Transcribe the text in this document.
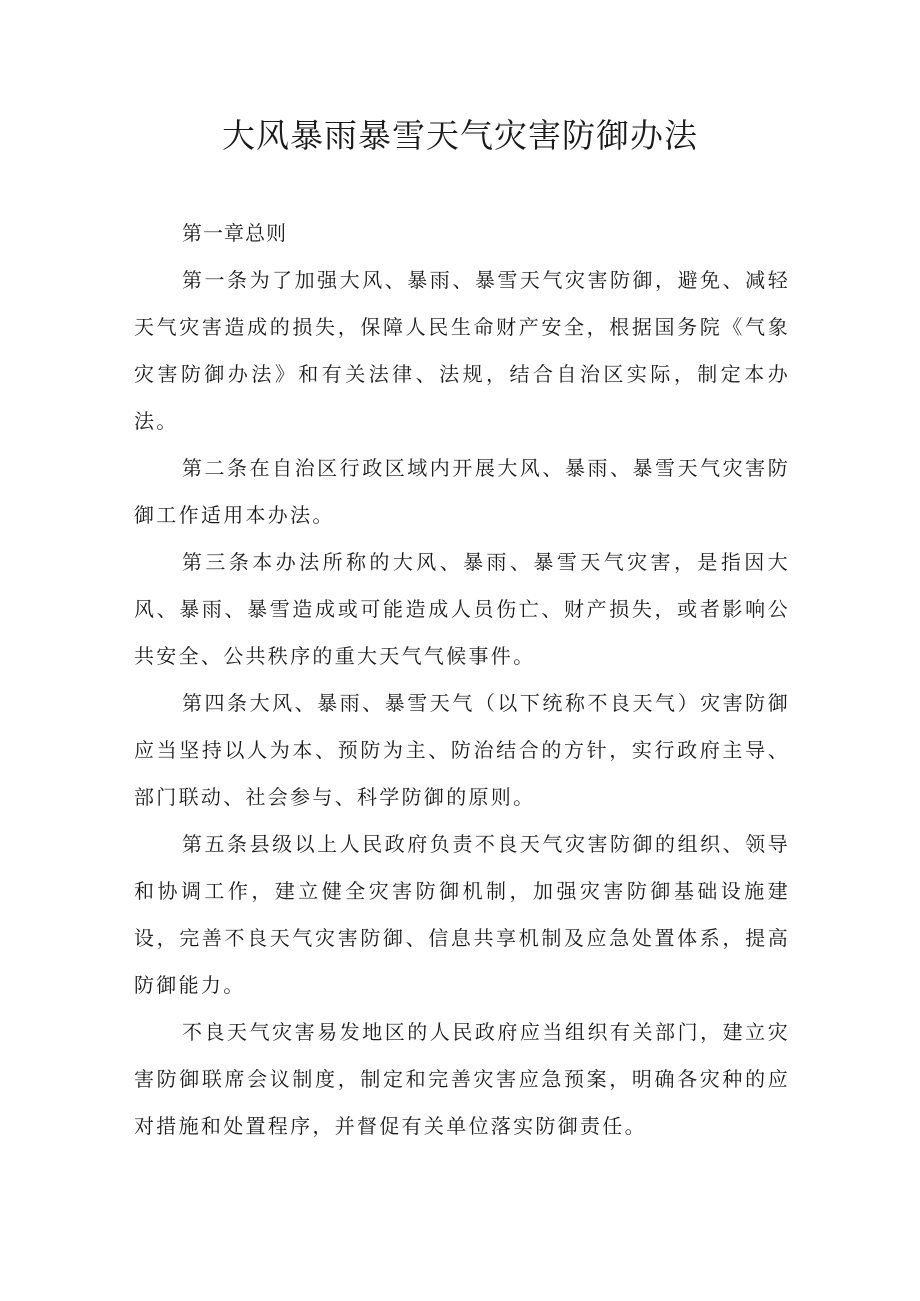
大风暴雨暴雪天气灾害防御办法

第一章总则

第一条为了加强大风、暴雨、暴雪天气灾害防御，避免、减轻天气灾害造成的损失，保障人民生命财产安全，根据国务院《气象灾害防御办法》和有关法律、法规，结合自治区实际，制定本办法。

第二条在自治区行政区域内开展大风、暴雨、暴雪天气灾害防御工作适用本办法。

第三条本办法所称的大风、暴雨、暴雪天气灾害，是指因大风、暴雨、暴雪造成或可能造成人员伤亡、财产损失，或者影响公共安全、公共秩序的重大天气气候事件。

第四条大风、暴雨、暴雪天气（以下统称不良天气）灾害防御应当坚持以人为本、预防为主、防治结合的方针，实行政府主导、部门联动、社会参与、科学防御的原则。

第五条县级以上人民政府负责不良天气灾害防御的组织、领导和协调工作，建立健全灾害防御机制，加强灾害防御基础设施建设，完善不良天气灾害防御、信息共享机制及应急处置体系，提高防御能力。

不良天气灾害易发地区的人民政府应当组织有关部门，建立灾害防御联席会议制度，制定和完善灾害应急预案，明确各灾种的应对措施和处置程序，并督促有关单位落实防御责任。
